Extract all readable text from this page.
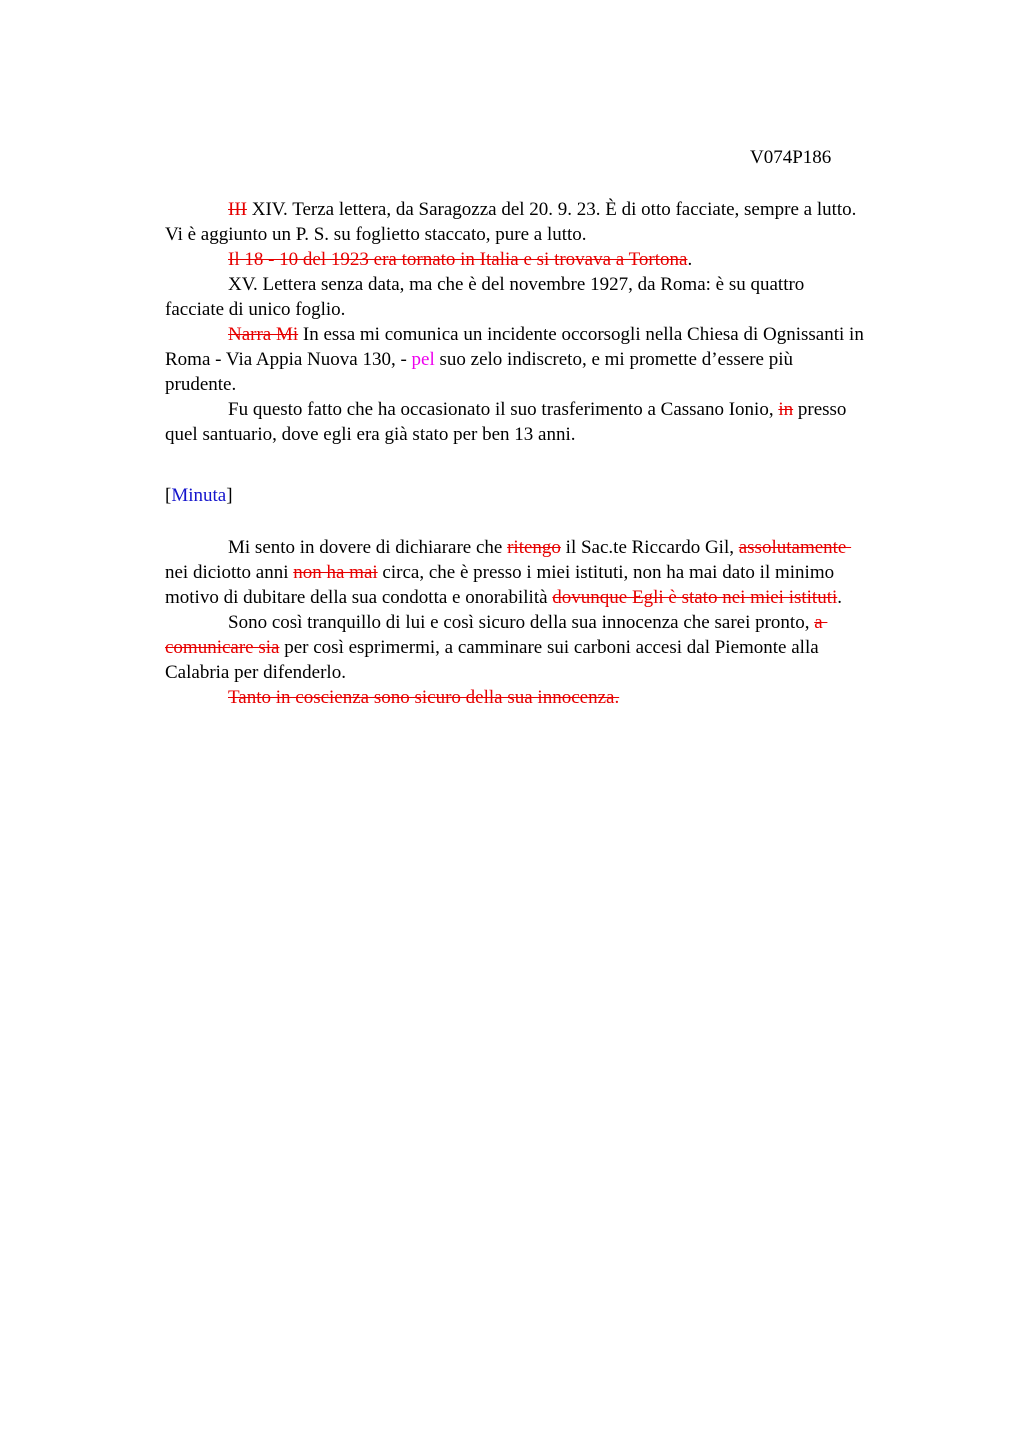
V074P186
III XIV. Terza lettera, da Saragozza del 20. 9. 23. È di otto facciate, sempre a lutto.
Vi è aggiunto un P. S. su foglietto staccato, pure a lutto.
Il 18 - 10 del 1923 era tornato in Italia e si trovava a Tortona.
XV. Lettera senza data, ma che è del novembre 1927, da Roma: è su quattro
facciate di unico foglio.
Narra Mi In essa mi comunica un incidente occorsogli nella Chiesa di Ognissanti in
Roma - Via Appia Nuova 130, - pel suo zelo indiscreto, e mi promette d’essere più
prudente.
Fu questo fatto che ha occasionato il suo trasferimento a Cassano Ionio, in presso
quel santuario, dove egli era già stato per ben 13 anni.
[Minuta]
Mi sento in dovere di dichiarare che ritengo il Sac.te Riccardo Gil, assolutamente
nei diciotto anni non ha mai circa, che è presso i miei istituti, non ha mai dato il minimo
motivo di dubitare della sua condotta e onorabilità dovunque Egli è stato nei miei istituti.
Sono così tranquillo di lui e così sicuro della sua innocenza che sarei pronto, a
comunicare sia per così esprimermi, a camminare sui carboni accesi dal Piemonte alla
Calabria per difenderlo.
Tanto in coscienza sono sicuro della sua innocenza.
